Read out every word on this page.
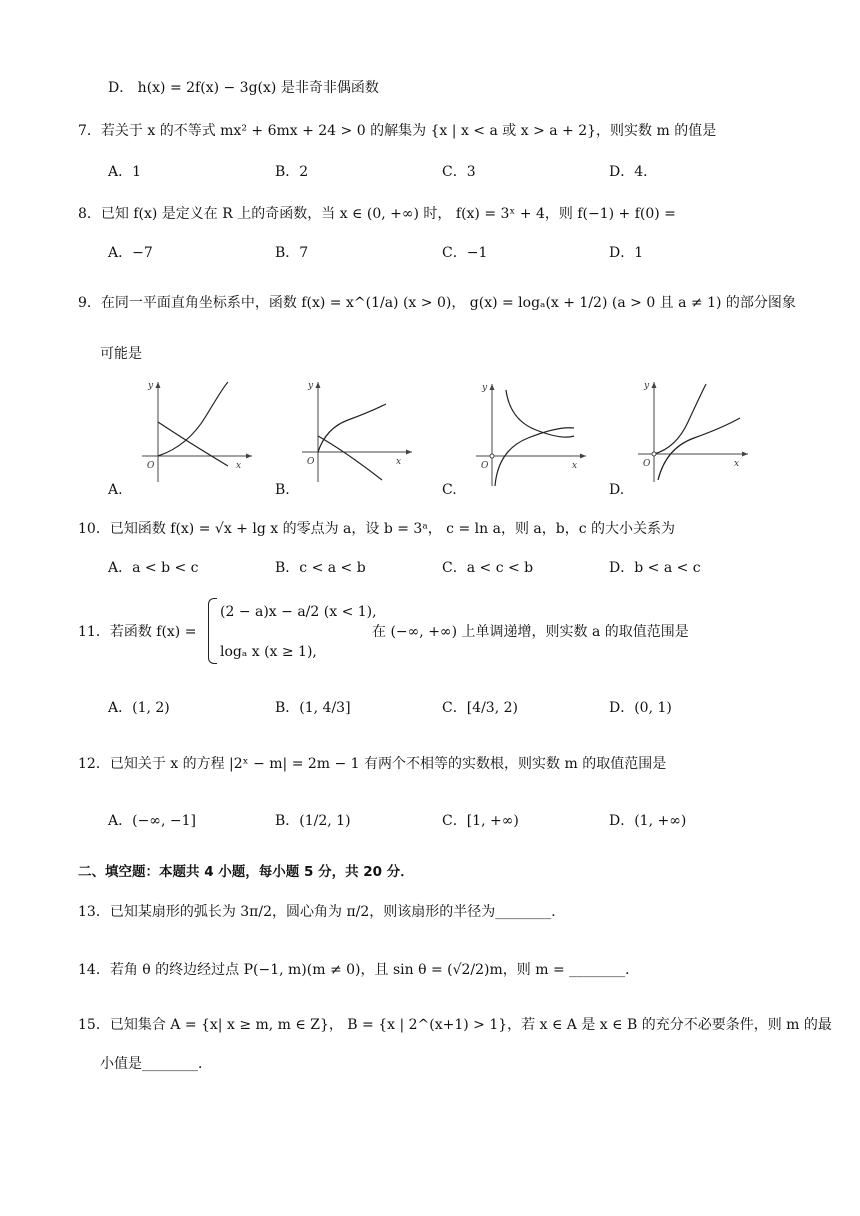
D． h(x) = 2f(x) − 3g(x) 是非奇非偶函数
7．若关于 x 的不等式 mx² + 6mx + 24 > 0 的解集为 {x | x < a 或 x > a + 2}，则实数 m 的值是
A．1	B．2	C．3	D．4．
8．已知 f(x) 是定义在 R 上的奇函数，当 x ∈ (0, +∞) 时， f(x) = 3ˣ + 4，则 f(−1) + f(0) =
A．−7	B．7	C．−1	D．1
9．在同一平面直角坐标系中，函数 f(x) = x^(1/a) (x > 0)， g(x) = logₐ(x + 1/2) (a > 0 且 a ≠ 1) 的部分图象
可能是
y
x
O
A.
y
x
O
B.
y
x
O
C.
y
x
O
D.
10．已知函数 f(x) = √x + lg x 的零点为 a，设 b = 3ᵃ， c = ln a，则 a，b，c 的大小关系为
A．a < b < c	B．c < a < b	C．a < c < b	D．b < a < c
11．若函数 f(x) =
(2 − a)x − a/2 (x < 1),
logₐ x (x ≥ 1),
在 (−∞, +∞) 上单调递增，则实数 a 的取值范围是
A．(1, 2)	B．(1, 4/3]	C．[4/3, 2)	D．(0, 1)
12．已知关于 x 的方程 |2ˣ − m| = 2m − 1 有两个不相等的实数根，则实数 m 的取值范围是
A．(−∞, −1]	B．(1/2, 1)	C．[1, +∞)	D．(1, +∞)
二、填空题：本题共 4 小题，每小题 5 分，共 20 分．
13．已知某扇形的弧长为 3π/2，圆心角为 π/2，则该扇形的半径为________．
14．若角 θ 的终边经过点 P(−1, m)(m ≠ 0)，且 sin θ = (√2/2)m，则 m = ________．
15．已知集合 A = {x| x ≥ m, m ∈ Z}， B = {x | 2^(x+1) > 1}，若 x ∈ A 是 x ∈ B 的充分不必要条件，则 m 的最
小值是________．
